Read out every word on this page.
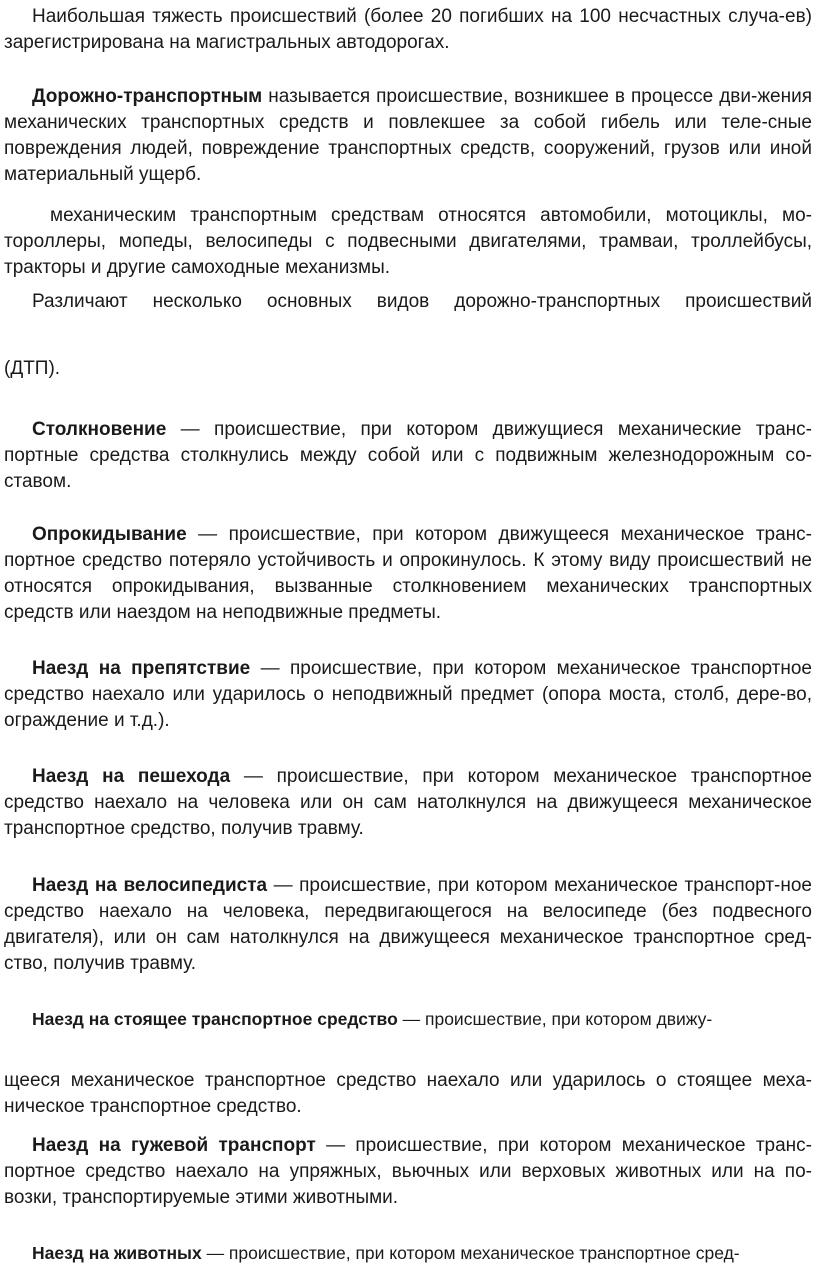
Наибольшая тяжесть происшествий (более 20 погибших на 100 несчастных случа-ев) зарегистрирована на магистральных автодорогах.

Дорожно-транспортным называется происшествие, возникшее в процессе дви-жения механических транспортных средств и повлекшее за собой гибель или теле-сные повреждения людей, повреждение транспортных средств, сооружений, грузов или иной материальный ущерб.

механическим транспортным средствам относятся автомобили, мотоциклы, мо-тороллеры, мопеды, велосипеды с подвесными двигателями, трамваи, троллейбусы, тракторы и другие самоходные механизмы.

Различают несколько основных видов дорожно-транспортных происшествий

(ДТП).

Столкновение — происшествие, при котором движущиеся механические транс-портные средства столкнулись между собой или с подвижным железнодорожным со-ставом.

Опрокидывание — происшествие, при котором движущееся механическое транс-портное средство потеряло устойчивость и опрокинулось. К этому виду происшествий не относятся опрокидывания, вызванные столкновением механических транспортных средств или наездом на неподвижные предметы.

Наезд на препятствие — происшествие, при котором механическое транспортное средство наехало или ударилось о неподвижный предмет (опора моста, столб, дере-во, ограждение и т.д.).

Наезд на пешехода — происшествие, при котором механическое транспортное средство наехало на человека или он сам натолкнулся на движущееся механическое транспортное средство, получив травму.

Наезд на велосипедиста — происшествие, при котором механическое транспорт-ное средство наехало на человека, передвигающегося на велосипеде (без подвесного двигателя), или он сам натолкнулся на движущееся механическое транспортное сред-ство, получив травму.

Наезд на стоящее транспортное средство — происшествие, при котором движу-

щееся механическое транспортное средство наехало или ударилось о стоящее меха-ническое транспортное средство.

Наезд на гужевой транспорт — происшествие, при котором механическое транс-портное средство наехало на упряжных, вьючных или верховых животных или на по-возки, транспортируемые этими животными.

Наезд на животных — происшествие, при котором механическое транспортное сред-
